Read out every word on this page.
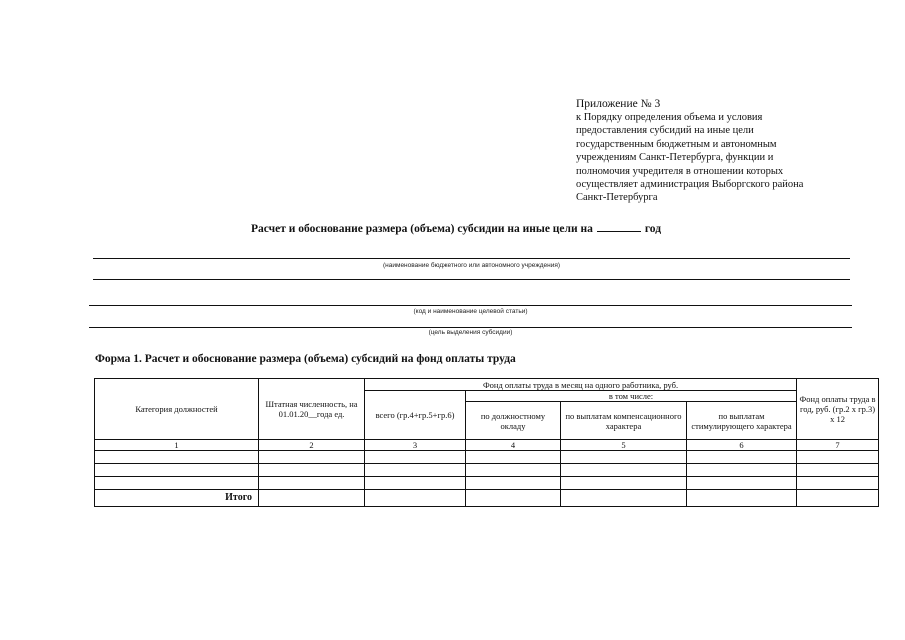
Приложение № 3
к Порядку определения объема и условия
предоставления субсидий на иные цели
государственным бюджетным и автономным
учреждениям Санкт-Петербурга, функции и
полномочия учредителя в отношении которых
осуществляет администрация Выборгского района
Санкт-Петербурга
Расчет и обоснование размера (объема) субсидии на иные цели на	год
(наименование бюджетного или автономного учреждения)
(код и наименование целевой статьи)
(цель выделения субсидии)
Форма 1. Расчет и обоснование размера (объема) субсидий на фонд оплаты труда
Категория должностей	Штатная численность, на 01.01.20__года ед.	Фонд оплаты труда в месяц на одного работника, руб.				Фонд оплаты труда в год, руб. (гр.2 х гр.3) х 12
		всего (гр.4+гр.5+гр.6)	в том числе:			
			по должностному окладу	по выплатам компенсационного характера	по выплатам стимулирующего характера	
1	2	3	4	5	6	7

Итого						
